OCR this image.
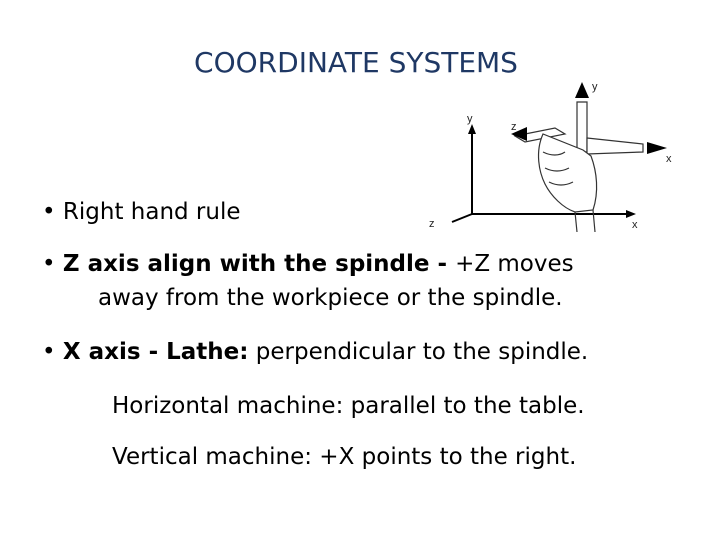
COORDINATE SYSTEMS
y
z	x
y
z
x
• Right hand rule
• Z axis align with the spindle - +Z moves
away from the workpiece or the spindle.
• X axis - Lathe: perpendicular to the spindle.
Horizontal machine: parallel to the table.
Vertical machine: +X points to the right.
